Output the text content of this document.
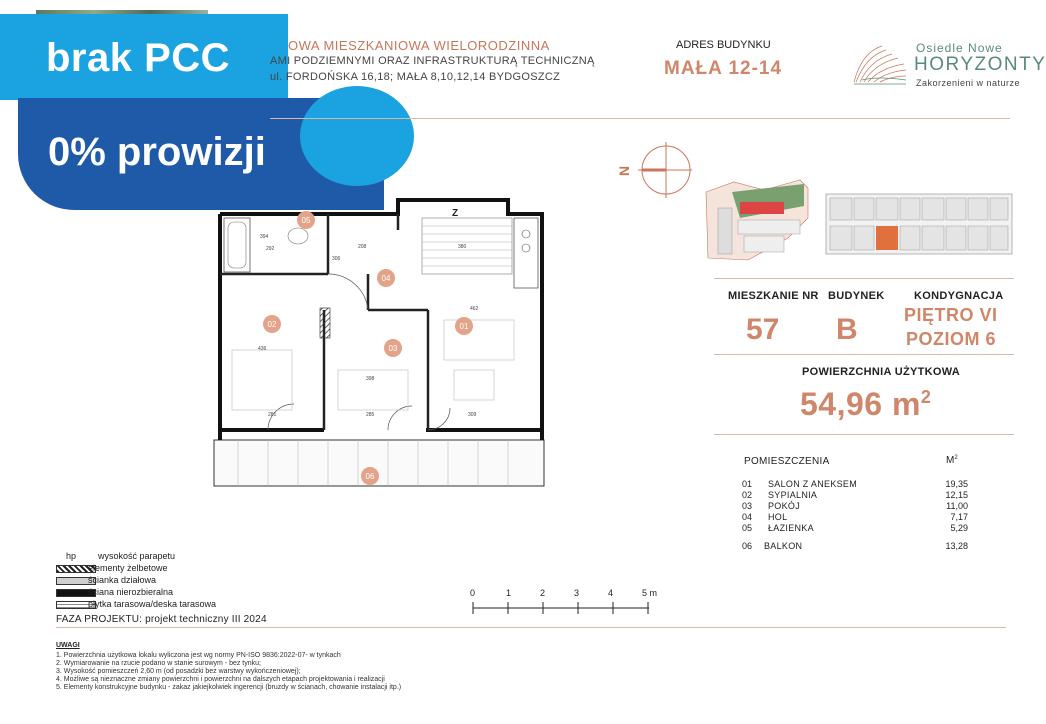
brak PCC
0% prowizji
OWA MIESZKANIOWA WIELORODZINNA
AMI PODZIEMNYMI ORAZ INFRASTRUKTURĄ TECHNICZNĄ
ul. FORDOŃSKA 16,18; MAŁA 8,10,12,14 BYDGOSZCZ
ADRES BUDYNKU
MAŁA 12-14
Osiedle Nowe
HORYZONTY
Zakorzenieni w naturze
N
MIESZKANIE NR BUDYNEK	KONDYGNACJA
57 B	PIĘTRO VI
POZIOM 6
POWIERZCHNIA UŻYTKOWA
54,96 $m^2$
POMIESZCZENIA	$M^2$
01 SALON Z ANEKSEM	19,35
02 SYPIALNIA	12,15
03 POKÓJ	11,00
04 HOL	7,17
05 ŁAZIENKA	5,29
06 BALKON	13,28
05
04
02
03
01
06
Z
292	208	380
436
398
285
281	309
394
306
462
hp wysokość parapetu
elementy żelbetowe
ścianka działowa
ściana nierozbieralna
płytka tarasowa/deska tarasowa
0	1	2	3	4	5 m
FAZA PROJEKTU: projekt techniczny III 2024
UWAGI
1. Powierzchnia użytkowa lokalu wyliczona jest wg normy PN-ISO 9836:2022-07- w tynkach
2. Wymiarowanie na rzucie podano w stanie surowym - bez tynku;
3. Wysokość pomieszczeń 2,60 m (od posadzki bez warstwy wykończeniowej);
4. Możliwe są nieznaczne zmiany powierzchni i powierzchni na dalszych etapach projektowania i realizacji
5. Elementy konstrukcyjne budynku - zakaz jakiejkolwiek ingerencji (bruzdy w ścianach, chowanie instalacji itp.)
